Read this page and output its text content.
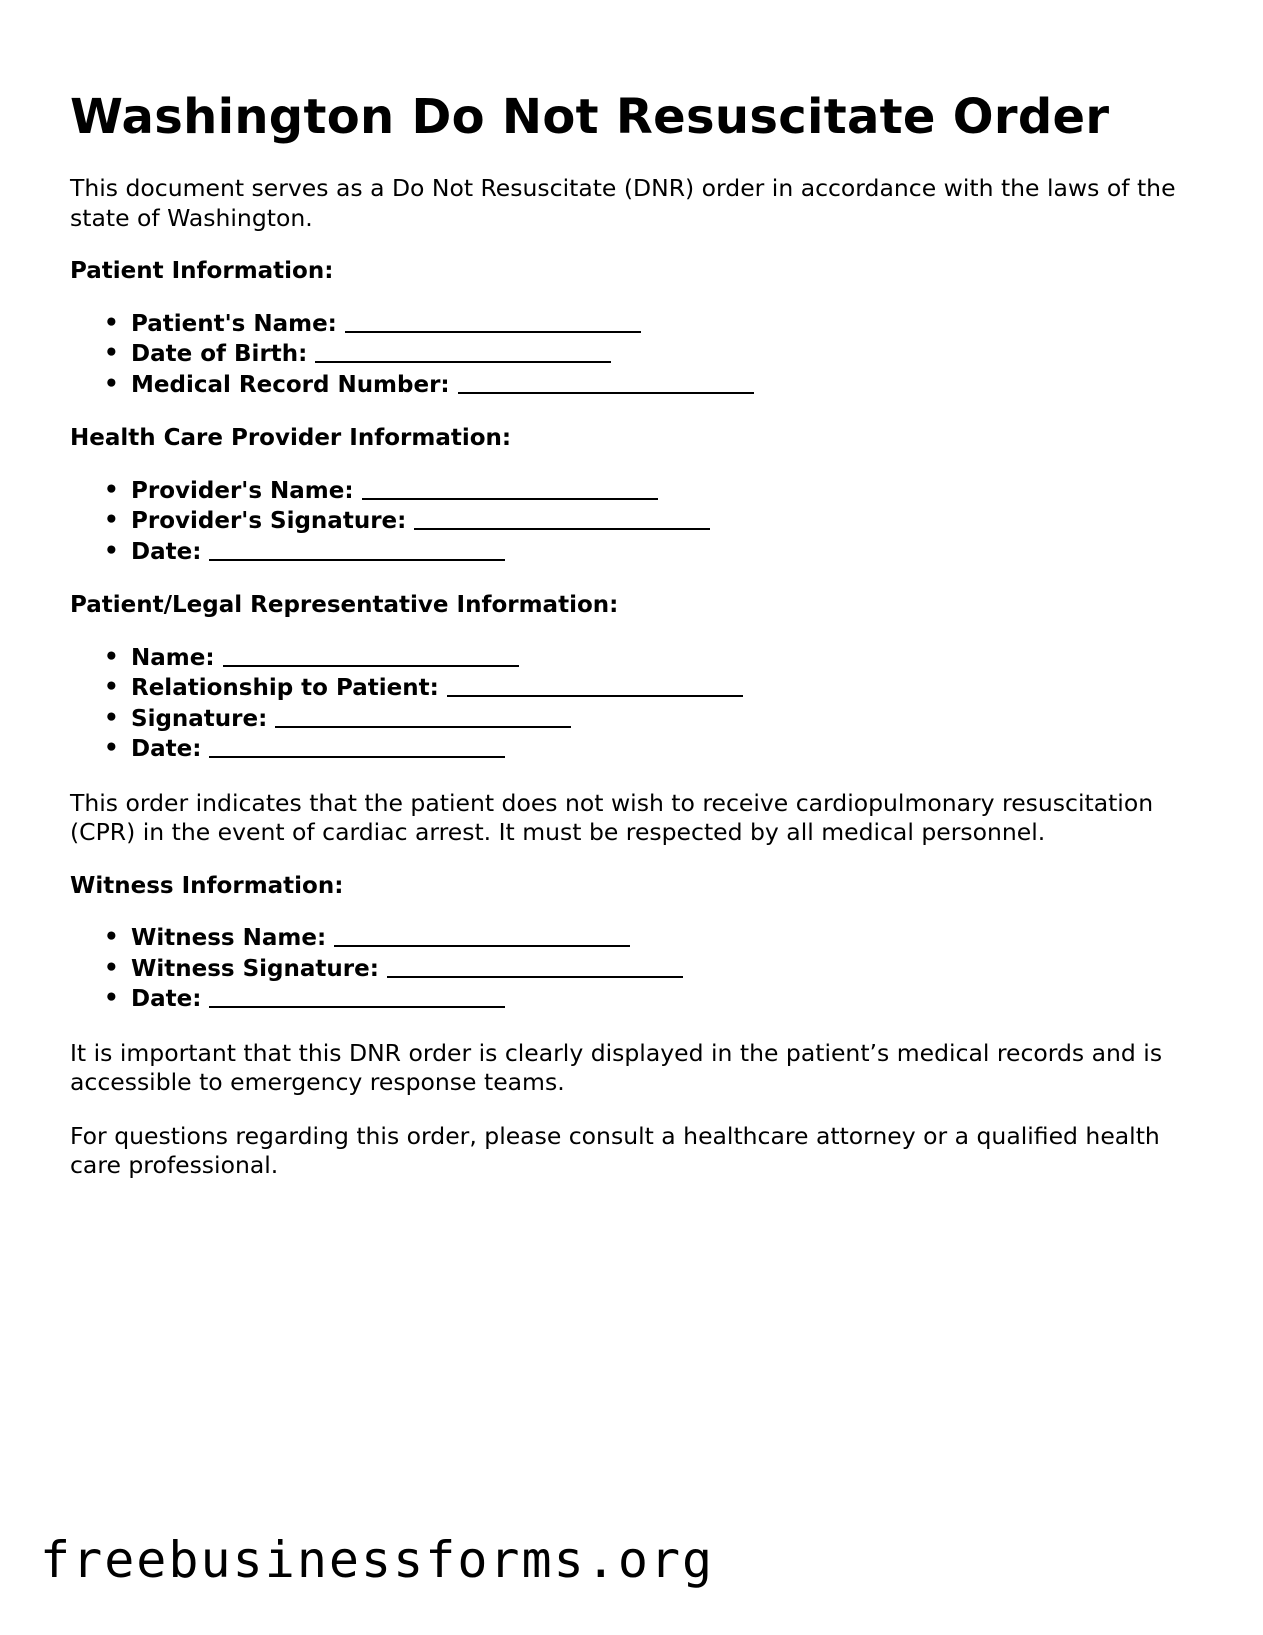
Washington Do Not Resuscitate Order

This document serves as a Do Not Resuscitate (DNR) order in accordance with the laws of the state of Washington.

Patient Information:
• Patient's Name:
• Date of Birth:
• Medical Record Number:
Health Care Provider Information:
• Provider's Name:
• Provider's Signature:
• Date:
Patient/Legal Representative Information:
• Name:
• Relationship to Patient:
• Signature:
• Date:

This order indicates that the patient does not wish to receive cardiopulmonary resuscitation (CPR) in the event of cardiac arrest. It must be respected by all medical personnel.

Witness Information:
• Witness Name:
• Witness Signature:
• Date:

It is important that this DNR order is clearly displayed in the patient’s medical records and is accessible to emergency response teams.

For questions regarding this order, please consult a healthcare attorney or a qualified health care professional.

freebusinessforms.org
